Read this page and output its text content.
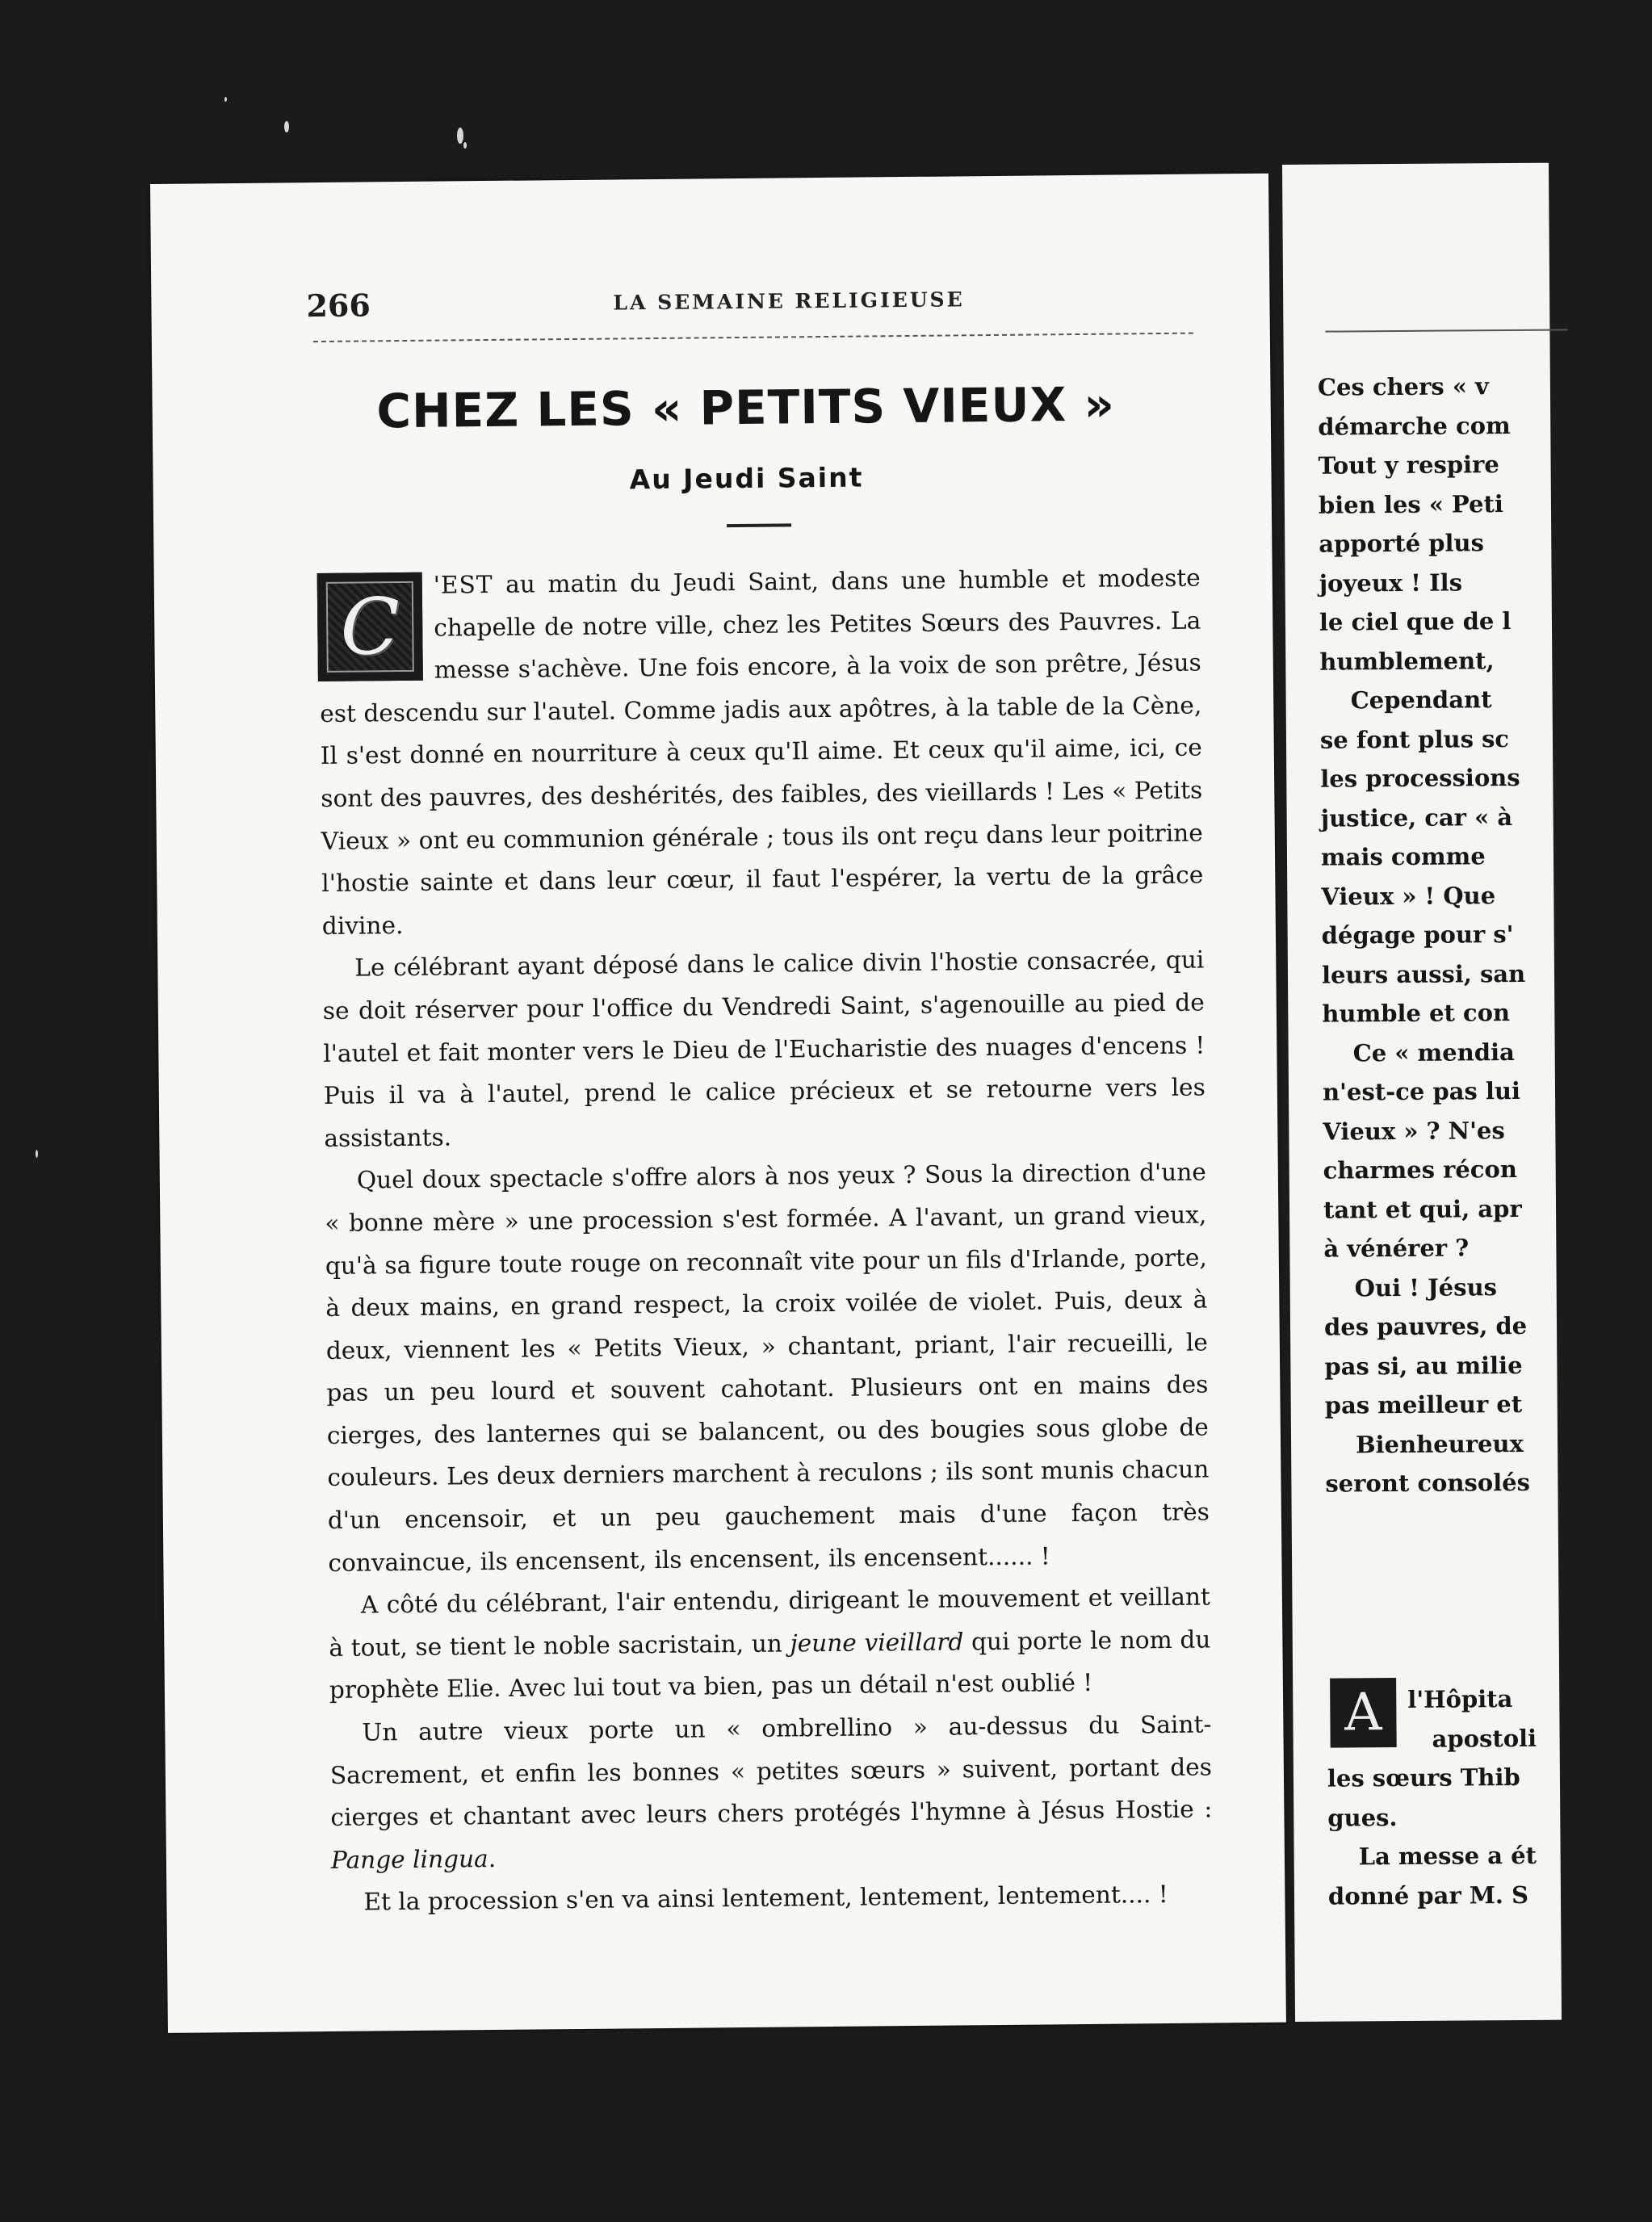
266	LA SEMAINE RELIGIEUSE
CHEZ LES « PETITS VIEUX »
Au Jeudi Saint
C	'EST au matin du Jeudi Saint, dans une humble et modeste chapelle de notre ville, chez les Petites Sœurs des Pauvres. La messe s'achève. Une fois encore, à la voix de son prêtre, Jésus est descendu sur l'autel. Comme jadis aux apôtres, à la table de la Cène, Il s'est donné en nourriture à ceux qu'Il aime. Et ceux qu'il aime, ici, ce sont des pauvres, des deshérités, des faibles, des vieillards ! Les « Petits Vieux » ont eu communion générale ; tous ils ont reçu dans leur poitrine l'hostie sainte et dans leur cœur, il faut l'espérer, la vertu de la grâce divine.

Le célébrant ayant déposé dans le calice divin l'hostie consacrée, qui se doit réserver pour l'office du Vendredi Saint, s'agenouille au pied de l'autel et fait monter vers le Dieu de l'Eucharistie des nuages d'encens ! Puis il va à l'autel, prend le calice précieux et se retourne vers les assistants.

Quel doux spectacle s'offre alors à nos yeux ? Sous la direction d'une « bonne mère » une procession s'est formée. A l'avant, un grand vieux, qu'à sa figure toute rouge on reconnaît vite pour un fils d'Irlande, porte, à deux mains, en grand respect, la croix voilée de violet. Puis, deux à deux, viennent les « Petits Vieux, » chantant, priant, l'air recueilli, le pas un peu lourd et souvent cahotant. Plusieurs ont en mains des cierges, des lanternes qui se balancent, ou des bougies sous globe de couleurs. Les deux derniers marchent à reculons ; ils sont munis chacun d'un encensoir, et un peu gauchement mais d'une façon très convaincue, ils encensent, ils encensent, ils encensent...... !

A côté du célébrant, l'air entendu, dirigeant le mouvement et veillant à tout, se tient le noble sacristain, un jeune vieillard qui porte le nom du prophète Elie. Avec lui tout va bien, pas un détail n'est oublié !

Un autre vieux porte un « ombrellino » au-dessus du Saint-Sacrement, et enfin les bonnes « petites sœurs » suivent, portant des cierges et chantant avec leurs chers protégés l'hymne à Jésus Hostie : Pange lingua.

Et la procession s'en va ainsi lentement, lentement, lentement.... !

Ces chers « v
démarche com
Tout y respire
bien les « Peti
apporté plus
joyeux ! Ils
le ciel que de l
humblement,
Cependant
se font plus sc
les processions
justice, car « à
mais comme
Vieux » ! Que
dégage pour s'
leurs aussi, san
humble et con
Ce « mendia
n'est-ce pas lui
Vieux » ? N'es
charmes récon
tant et qui, apr
à vénérer ?
Oui ! Jésus
des pauvres, de
pas si, au milie
pas meilleur et
Bienheureux
seront consolés
A	l'Hôpita
apostoli
les sœurs Thib
gues.
La messe a ét
donné par M. S
